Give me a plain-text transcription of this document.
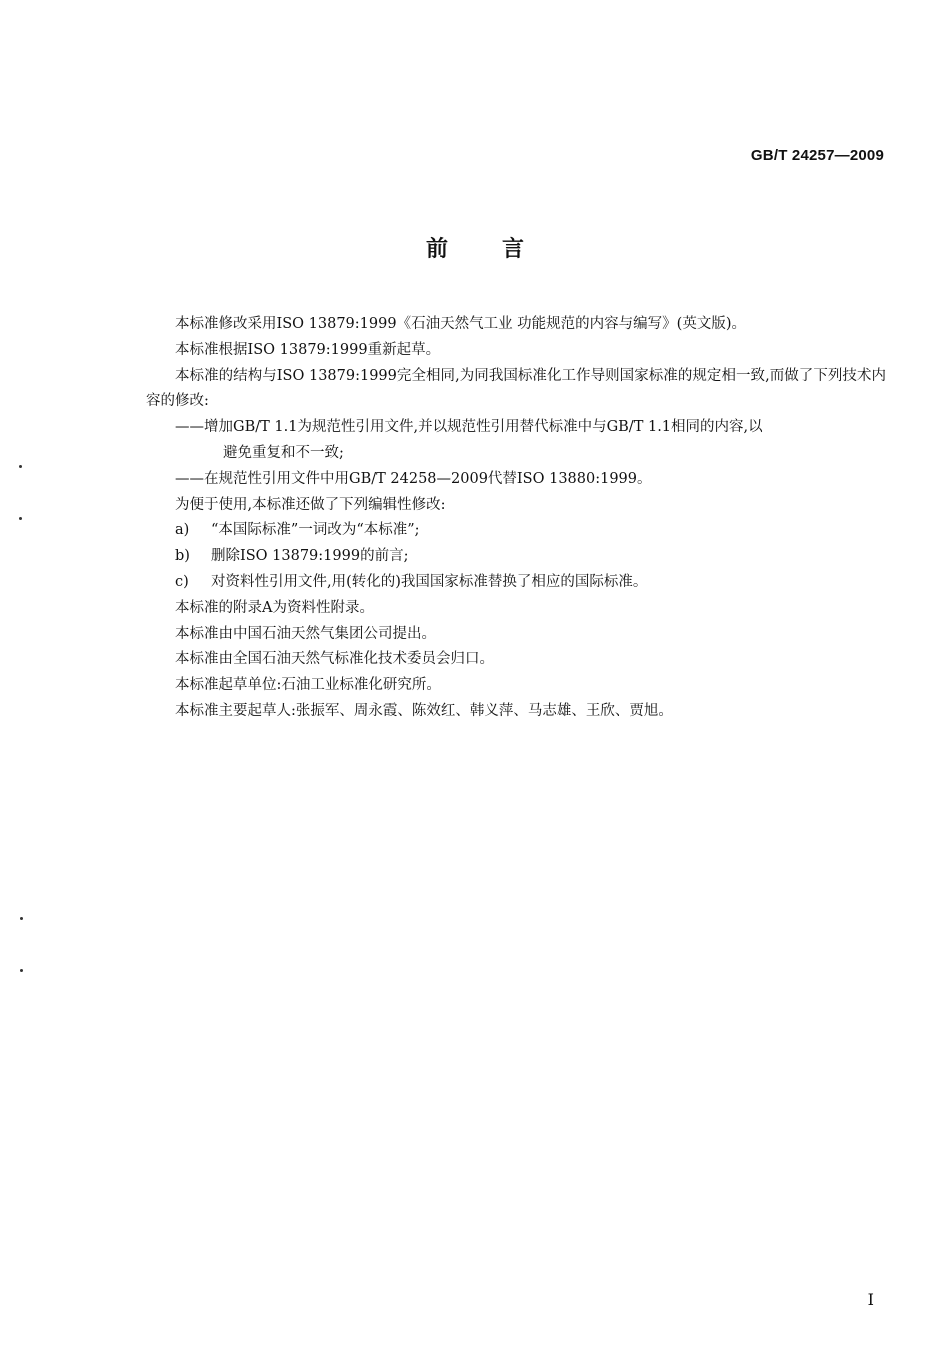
GB/T 24257—2009
前 言

本标准修改采用ISO 13879:1999《石油天然气工业 功能规范的内容与编写》(英文版)。

本标准根据ISO 13879:1999重新起草。

本标准的结构与ISO 13879:1999完全相同,为同我国标准化工作导则国家标准的规定相一致,而做了下列技术内容的修改:

——增加GB/T 1.1为规范性引用文件,并以规范性引用替代标准中与GB/T 1.1相同的内容,以
避免重复和不一致;

——在规范性引用文件中用GB/T 24258—2009代替ISO 13880:1999。

为便于使用,本标准还做了下列编辑性修改:

a) “本国际标准”一词改为“本标准”;

b) 删除ISO 13879:1999的前言;

c) 对资料性引用文件,用(转化的)我国国家标准替换了相应的国际标准。

本标准的附录A为资料性附录。

本标准由中国石油天然气集团公司提出。

本标准由全国石油天然气标准化技术委员会归口。

本标准起草单位:石油工业标准化研究所。

本标准主要起草人:张振军、周永霞、陈效红、韩义萍、马志雄、王欣、贾旭。

I
